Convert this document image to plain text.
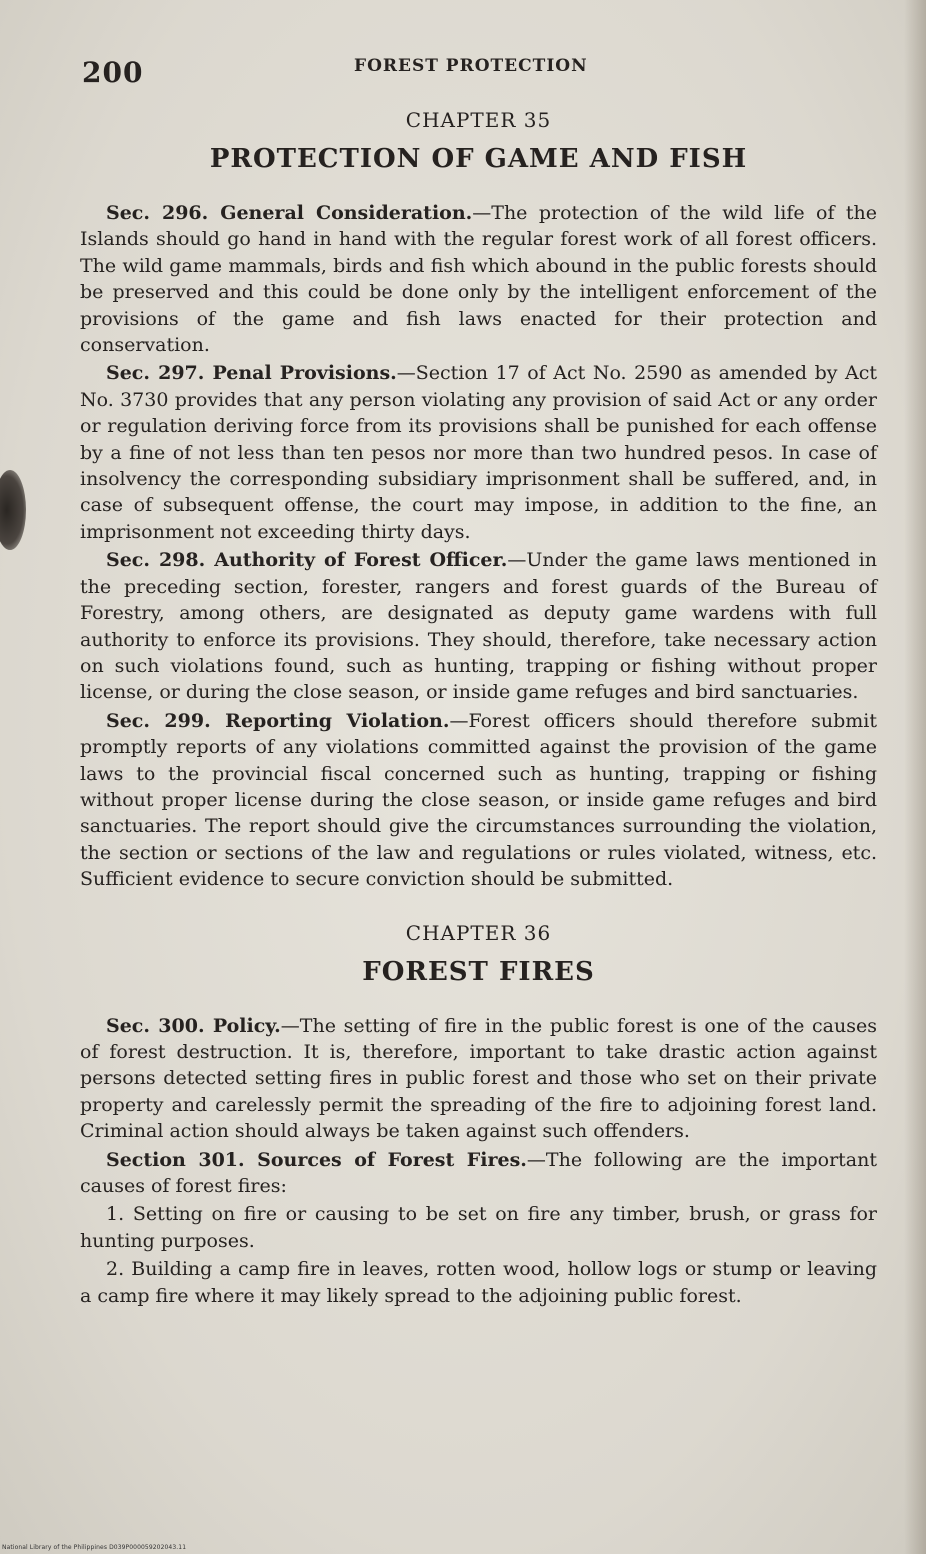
200	FOREST PROTECTION
CHAPTER 35
PROTECTION OF GAME AND FISH

Sec. 296. General Consideration.—The protection of the wild life of the Islands should go hand in hand with the regular forest work of all forest officers. The wild game mammals, birds and fish which abound in the public forests should be preserved and this could be done only by the intelligent enforcement of the provisions of the game and fish laws enacted for their protection and conservation.

Sec. 297. Penal Provisions.—Section 17 of Act No. 2590 as amended by Act No. 3730 provides that any person violating any provision of said Act or any order or regulation deriving force from its provisions shall be punished for each offense by a fine of not less than ten pesos nor more than two hundred pesos. In case of insolvency the corresponding subsidiary imprisonment shall be suffered, and, in case of subsequent offense, the court may impose, in addition to the fine, an imprisonment not exceeding thirty days.

Sec. 298. Authority of Forest Officer.—Under the game laws mentioned in the preceding section, forester, rangers and forest guards of the Bureau of Forestry, among others, are designated as deputy game wardens with full authority to enforce its provisions. They should, therefore, take necessary action on such violations found, such as hunting, trapping or fishing without proper license, or during the close season, or inside game refuges and bird sanctuaries.

Sec. 299. Reporting Violation.—Forest officers should therefore submit promptly reports of any violations committed against the provision of the game laws to the provincial fiscal concerned such as hunting, trapping or fishing without proper license during the close season, or inside game refuges and bird sanctuaries. The report should give the circumstances surrounding the violation, the section or sections of the law and regulations or rules violated, witness, etc. Sufficient evidence to secure conviction should be submitted.

CHAPTER 36
FOREST FIRES

Sec. 300. Policy.—The setting of fire in the public forest is one of the causes of forest destruction. It is, therefore, important to take drastic action against persons detected setting fires in public forest and those who set on their private property and carelessly permit the spreading of the fire to adjoining forest land. Criminal action should always be taken against such offenders.

Section 301. Sources of Forest Fires.—The following are the important causes of forest fires:

1. Setting on fire or causing to be set on fire any timber, brush, or grass for hunting purposes.

2. Building a camp fire in leaves, rotten wood, hollow logs or stump or leaving a camp fire where it may likely spread to the adjoining public forest.

National Library of the Philippines D039P000059202043.11
